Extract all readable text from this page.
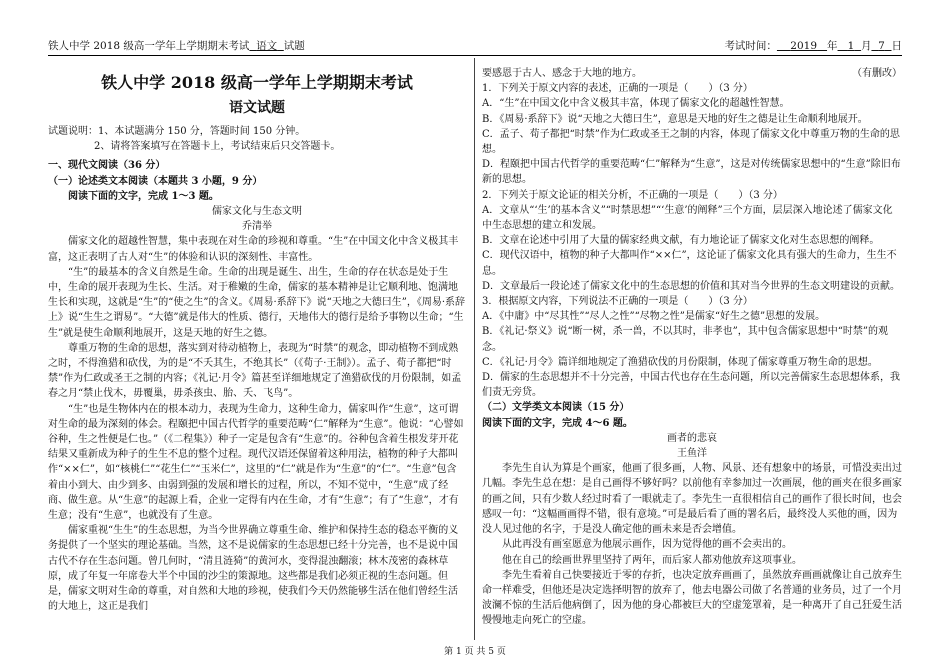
铁人中学 2018 级高一学年上学期期末考试 语文 试题	考试时间： 2019 年 1 月 7 日
铁人中学 2018 级高一学年上学期期末考试
语文试题

试题说明：1、本试题满分 150 分，答题时间 150 分钟。

2、请将答案填写在答题卡上，考试结束后只交答题卡。

一、现代文阅读（36 分）

（一）论述类文本阅读（本题共 3 小题，9 分）

阅读下面的文字，完成 1～3 题。

儒家文化与生态文明

乔清举

儒家文化的超越性智慧，集中表现在对生命的珍视和尊重。“生”在中国文化中含义极其丰富，这正表明了古人对“生”的体验和认识的深刻性、丰富性。

“生”的最基本的含义自然是生命。生命的出现是诞生、出生，生命的存在状态是处于生中，生命的展开表现为生长、生活。对于稚嫩的生命，儒家的基本精神是让它顺利地、饱满地生长和实现，这就是“生”的“使之生”的含义。《周易·系辞下》说“天地之大德曰生”，《周易·系辞上》说“生生之谓易”。“大德”就是伟大的性质、德行，天地伟大的德行是给予事物以生命；“生生”就是使生命顺利地展开，这是天地的好生之德。

尊重万物的生命的思想，落实到对待动植物上，表现为“时禁”的观念，即动植物不到成熟之时，不得渔猎和砍伐，为的是“不夭其生，不绝其长”（《荀子·王制》）。孟子、荀子都把“时禁”作为仁政或圣王之制的内容；《礼记·月令》篇甚至详细地规定了渔猎砍伐的月份限制，如孟春之月“禁止伐木，毋覆巢，毋杀孩虫、胎、夭、飞鸟”。

“生”也是生物体内在的根本动力，表现为生命力，这种生命力，儒家叫作“生意”，这可谓对生命的最为深刻的体会。程颐把中国古代哲学的重要范畴“仁”解释为“生意”。他说：“心譬如谷种，生之性便是仁也。”（《二程集》）种子一定是包含有“生意”的。谷种包含着生根发芽开花结果又重新成为种子的生生不息的整个过程。现代汉语还保留着这种用法，植物的种子大都叫作“××仁”，如“核桃仁”“花生仁”“玉米仁”，这里的“仁”就是作为“生意”的“仁”。“生意”包含着由小到大、由少到多、由弱到强的发展和增长的过程，所以，不知不觉中，“生意”成了经商、做生意。从“生意”的起源上看，企业一定得有内在生命，才有“生意”；有了“生意”，才有生意；没有“生意”，也就没有了生意。

儒家重视“生生”的生态思想，为当今世界确立尊重生命、维护和保持生态的稳态平衡的义务提供了一个坚实的理论基础。当然，这不是说儒家的生态思想已经十分完善，也不是说中国古代不存在生态问题。曾几何时，“清且涟猗”的黄河水，变得混浊翻滚；林木茂密的森林草原，成了年复一年席卷大半个中国的沙尘的策源地。这些都是我们必须正视的生态问题。但是，儒家文明对生命的尊重，对自然和大地的珍视，使我们今天仍然能够生活在他们曾经生活的大地上，这正是我们

要感恩于古人、感念于大地的地方。	（有删改）

1．下列关于原文内容的表述，正确的一项是（　　）（3 分）

A．“生”在中国文化中含义极其丰富，体现了儒家文化的超越性智慧。

B．《周易·系辞下》说“天地之大德曰生”，意思是天地的好生之德是让生命顺利地展开。

C．孟子、荀子都把“时禁”作为仁政或圣王之制的内容，体现了儒家文化中尊重万物的生命的思想。

D．程颐把中国古代哲学的重要范畴“仁”解释为“生意”，这是对传统儒家思想中的“生意”除旧布新的思想。

2．下列关于原文论证的相关分析，不正确的一项是（　　）（3 分）

A．文章从“‘生’的基本含义”“时禁思想”“‘生意’的阐释”三个方面，层层深入地论述了儒家文化中生态思想的建立和发展。

B．文章在论述中引用了大量的儒家经典文献，有力地论证了儒家文化对生态思想的阐释。

C．现代汉语中，植物的种子大都叫作“××仁”，这论证了儒家文化具有强大的生命力，生生不息。

D．文章最后一段论述了儒家文化中的生态思想的价值和其对当今世界的生态文明建设的贡献。

3．根据原文内容，下列说法不正确的一项是（　　）（3 分）

A．《中庸》中“尽其性”“尽人之性”“尽物之性”是儒家“好生之德”思想的发展。

B．《礼记·祭义》说“断一树，杀一兽，不以其时，非孝也”，其中包含儒家思想中“时禁”的观念。

C．《礼记·月令》篇详细地规定了渔猎砍伐的月份限制，体现了儒家尊重万物生命的思想。

D．儒家的生态思想并不十分完善，中国古代也存在生态问题，所以完善儒家生态思想体系，我们责无旁贷。

（二）文学类文本阅读（15 分）

阅读下面的文字，完成 4～6 题。

画者的悲哀

王鱼洋

李先生自认为算是个画家，他画了很多画，人物、风景、还有想象中的场景，可惜没卖出过几幅。李先生总在想：是自己画得不够好吗？以前他有幸参加过一次画展，他的画夹在很多画家的画之间，只有少数人经过时看了一眼就走了。李先生一直很相信自己的画作了很长时间，也会感叹一句：“这幅画画得不错，很有意境。”可是最后看了画的署名后，最终没人买他的画，因为没人见过他的名字，于是没人确定他的画未来是否会增值。

从此再没有画室愿意为他展示画作，因为觉得他的画不会卖出的。

他在自己的绘画世界里坚持了两年，而后家人都劝他放弃这项事业。

李先生看着自己快要接近于零的存折，也决定放弃画画了，虽然放弃画画就像让自己放弃生命一样难受，但他还是决定选择明智的放弃了，他去电器公司做了名普通的业务员，过了一个月波澜不惊的生活后他病倒了，因为他的身心都被巨大的空虚笼罩着，是一种离开了自己狂爱生活慢慢地走向死亡的空虚。

第 1 页 共 5 页
